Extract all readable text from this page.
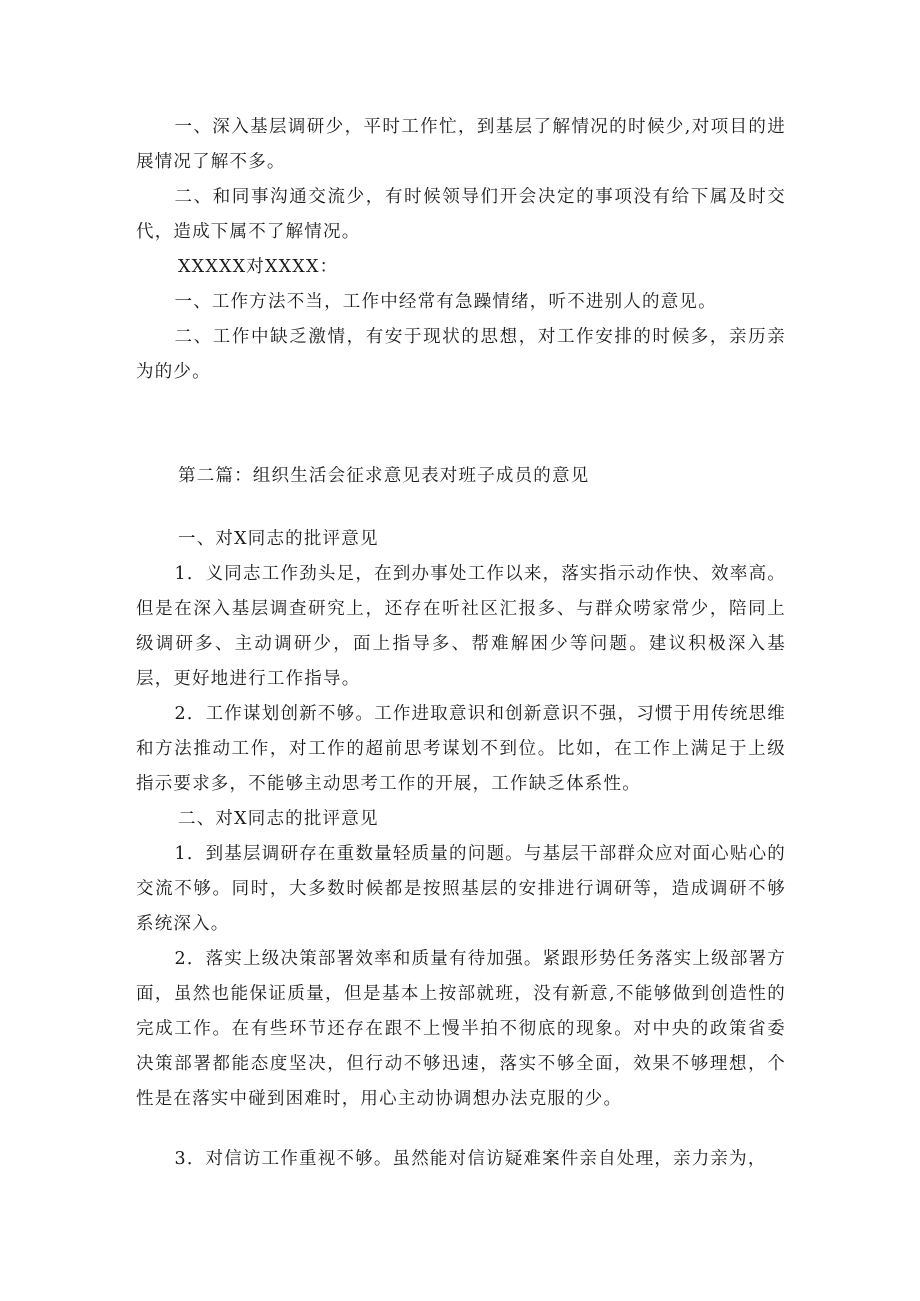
一、深入基层调研少，平时工作忙，到基层了解情况的时候少,对项目的进展情况了解不多。

二、和同事沟通交流少，有时候领导们开会决定的事项没有给下属及时交代，造成下属不了解情况。

XXXXX对XXXX：

一、工作方法不当，工作中经常有急躁情绪，听不进别人的意见。

二、工作中缺乏激情，有安于现状的思想，对工作安排的时候多，亲历亲为的少。

第二篇：组织生活会征求意见表对班子成员的意见

一、对X同志的批评意见

1．义同志工作劲头足，在到办事处工作以来，落实指示动作快、效率高。但是在深入基层调查研究上，还存在听社区汇报多、与群众唠家常少，陪同上级调研多、主动调研少，面上指导多、帮难解困少等问题。建议积极深入基层，更好地进行工作指导。

2．工作谋划创新不够。工作进取意识和创新意识不强，习惯于用传统思维和方法推动工作，对工作的超前思考谋划不到位。比如，在工作上满足于上级指示要求多，不能够主动思考工作的开展，工作缺乏体系性。

二、对X同志的批评意见

1．到基层调研存在重数量轻质量的问题。与基层干部群众应对面心贴心的交流不够。同时，大多数时候都是按照基层的安排进行调研等，造成调研不够系统深入。

2．落实上级决策部署效率和质量有待加强。紧跟形势任务落实上级部署方面，虽然也能保证质量，但是基本上按部就班，没有新意,不能够做到创造性的完成工作。在有些环节还存在跟不上慢半拍不彻底的现象。对中央的政策省委决策部署都能态度坚决，但行动不够迅速，落实不够全面，效果不够理想，个性是在落实中碰到困难时，用心主动协调想办法克服的少。

3．对信访工作重视不够。虽然能对信访疑难案件亲自处理，亲力亲为，
